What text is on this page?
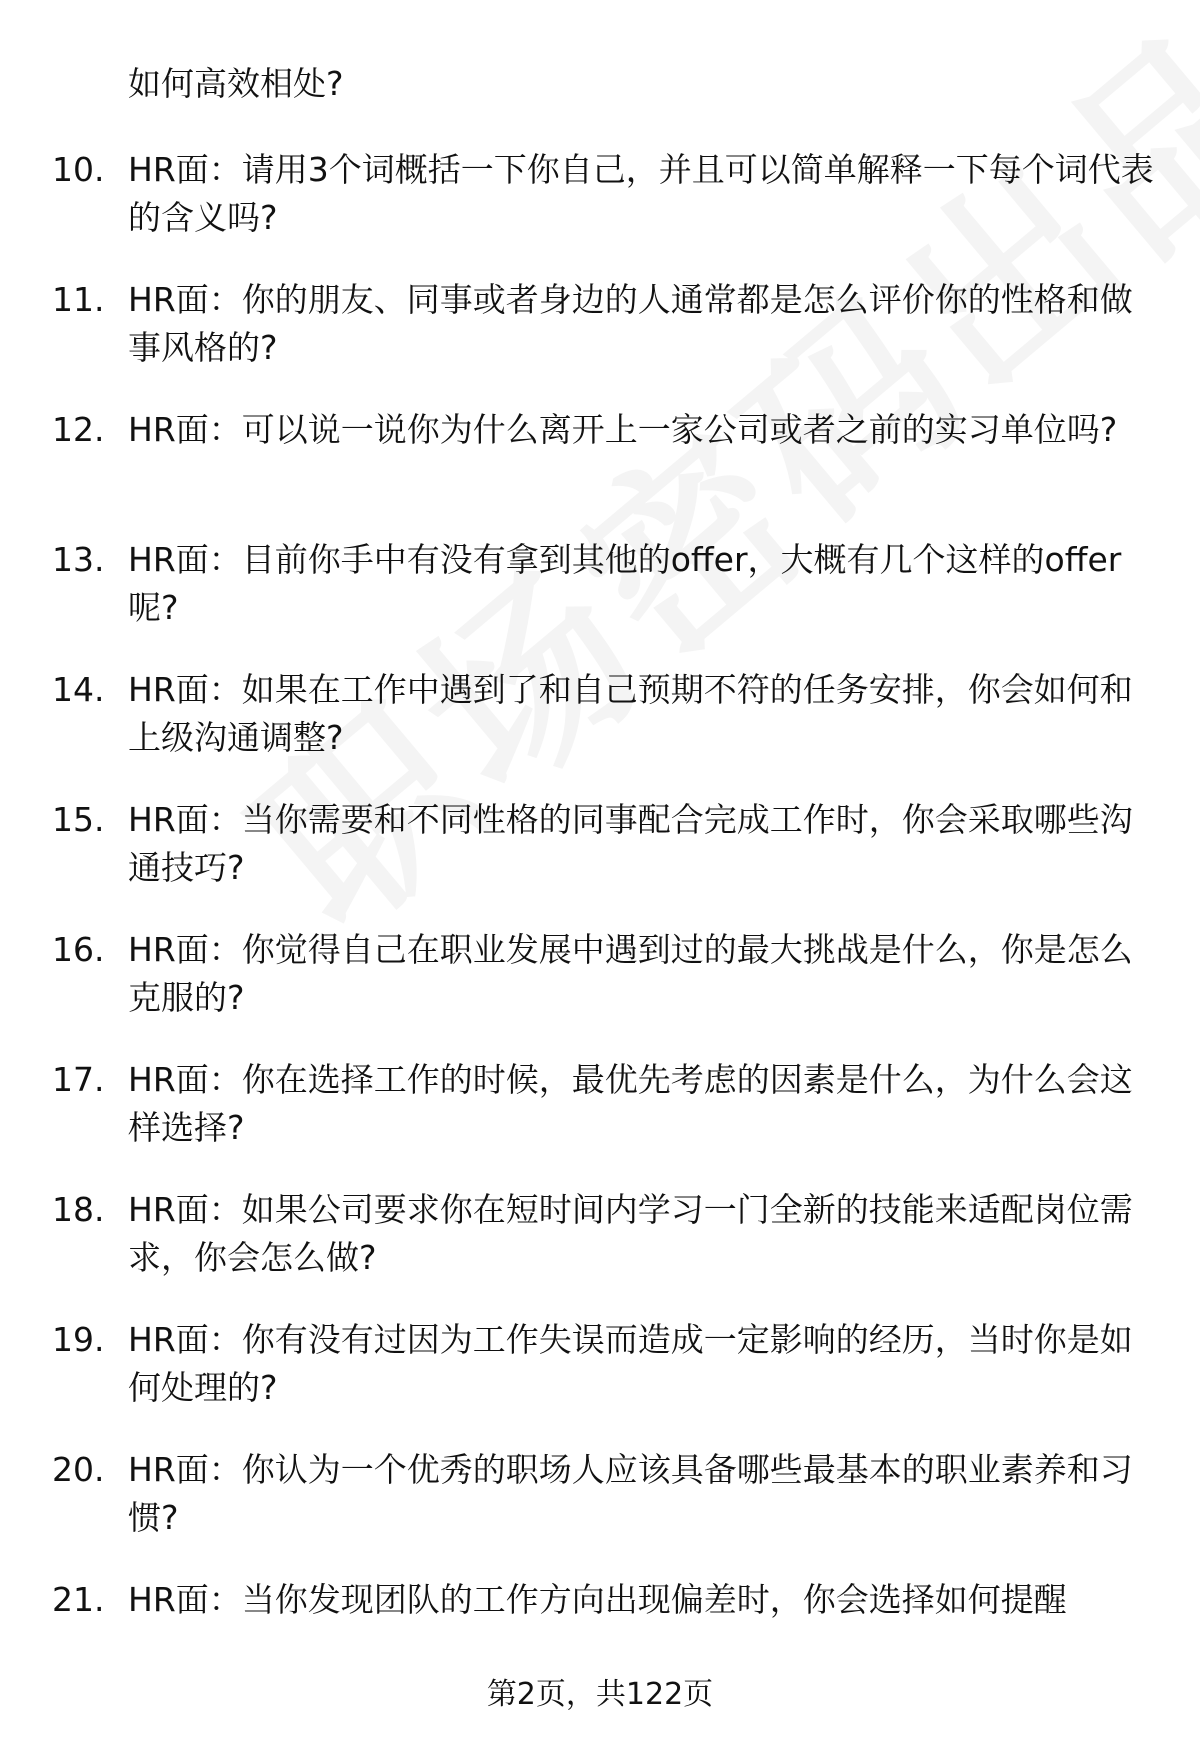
如何高效相处?
10. HR面：请用3个词概括一下你自己，并且可以简单解释一下每个词代表的含义吗?
11. HR面：你的朋友、同事或者身边的人通常都是怎么评价你的性格和做事风格的?
12. HR面：可以说一说你为什么离开上一家公司或者之前的实习单位吗?
13. HR面：目前你手中有没有拿到其他的offer，大概有几个这样的offer呢?
14. HR面：如果在工作中遇到了和自己预期不符的任务安排，你会如何和上级沟通调整?
15. HR面：当你需要和不同性格的同事配合完成工作时，你会采取哪些沟通技巧?
16. HR面：你觉得自己在职业发展中遇到过的最大挑战是什么，你是怎么克服的?
17. HR面：你在选择工作的时候，最优先考虑的因素是什么，为什么会这样选择?
18. HR面：如果公司要求你在短时间内学习一门全新的技能来适配岗位需求，你会怎么做?
19. HR面：你有没有过因为工作失误而造成一定影响的经历，当时你是如何处理的?
20. HR面：你认为一个优秀的职场人应该具备哪些最基本的职业素养和习惯?
21. HR面：当你发现团队的工作方向出现偏差时，你会选择如何提醒
第2页，共122页
